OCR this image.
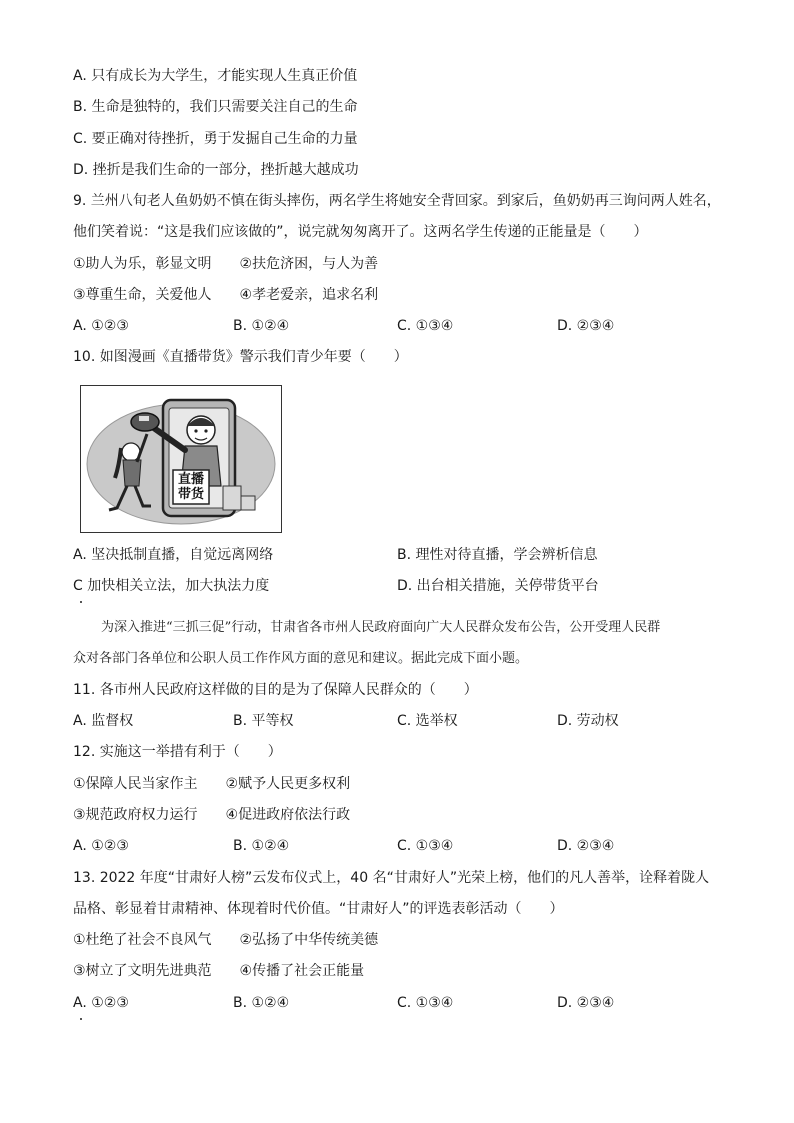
A. 只有成长为大学生，才能实现人生真正价值
B. 生命是独特的，我们只需要关注自己的生命
C. 要正确对待挫折，勇于发掘自己生命的力量
D. 挫折是我们生命的一部分，挫折越大越成功
9. 兰州八旬老人鱼奶奶不慎在街头摔伤，两名学生将她安全背回家。到家后，鱼奶奶再三询问两人姓名，
他们笑着说：“这是我们应该做的”，说完就匆匆离开了。这两名学生传递的正能量是（　　）
①助人为乐，彰显文明　　②扶危济困，与人为善
③尊重生命，关爱他人　　④孝老爱亲，追求名利
A. ①②③	B. ①②④	C. ①③④	D. ②③④
10. 如图漫画《直播带货》警示我们青少年要（　　）
直播带货
A. 坚决抵制直播，自觉远离网络	B. 理性对待直播，学会辨析信息
C 加快相关立法，加大执法力度	D. 出台相关措施，关停带货平台
为深入推进“三抓三促”行动，甘肃省各市州人民政府面向广大人民群众发布公告，公开受理人民群
众对各部门各单位和公职人员工作作风方面的意见和建议。据此完成下面小题。
11. 各市州人民政府这样做的目的是为了保障人民群众的（　　）
A. 监督权	B. 平等权	C. 选举权	D. 劳动权
12. 实施这一举措有利于（　　）
①保障人民当家作主　　②赋予人民更多权利
③规范政府权力运行　　④促进政府依法行政
A. ①②③	B. ①②④	C. ①③④	D. ②③④
13. 2022 年度“甘肃好人榜”云发布仪式上，40 名“甘肃好人”光荣上榜，他们的凡人善举，诠释着陇人
品格、彰显着甘肃精神、体现着时代价值。“甘肃好人”的评选表彰活动（　　）
①杜绝了社会不良风气　　②弘扬了中华传统美德
③树立了文明先进典范　　④传播了社会正能量
A. ①②③	B. ①②④	C. ①③④	D. ②③④
